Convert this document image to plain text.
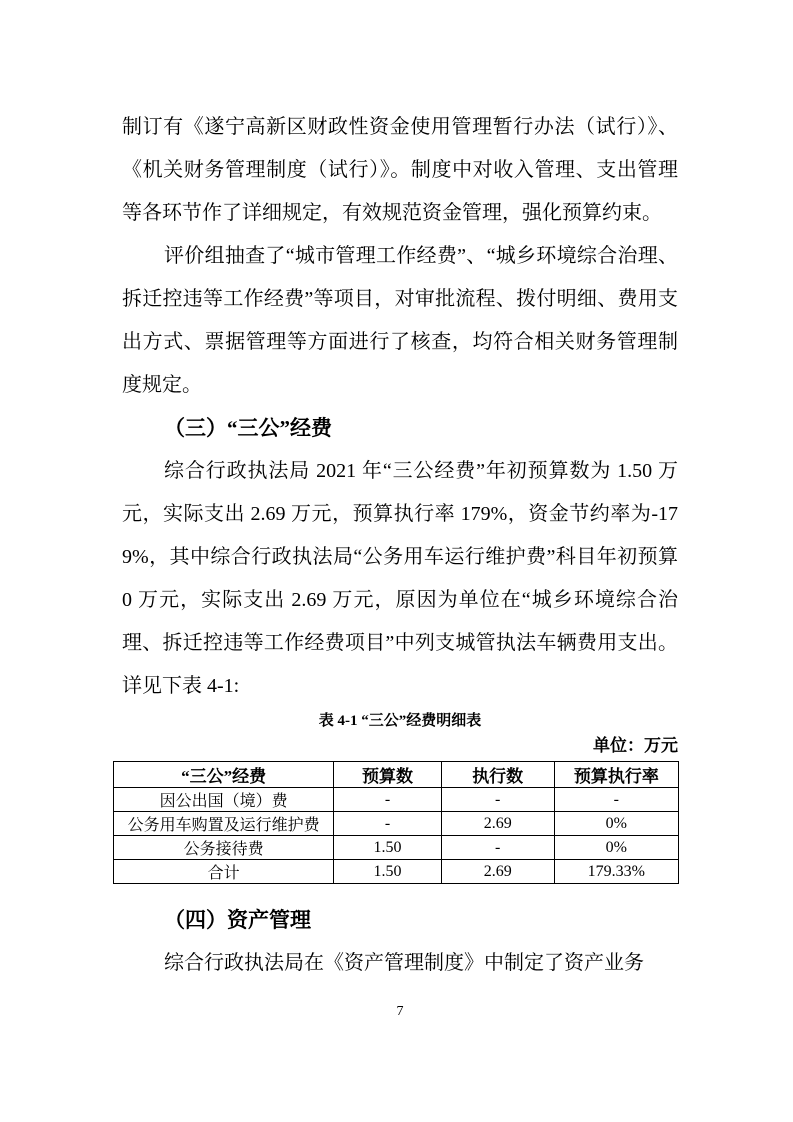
制订有《遂宁高新区财政性资金使用管理暂行办法（试行）》、《机关财务管理制度（试行）》。制度中对收入管理、支出管理等各环节作了详细规定，有效规范资金管理，强化预算约束。

评价组抽查了“城市管理工作经费”、“城乡环境综合治理、拆迁控违等工作经费”等项目，对审批流程、拨付明细、费用支出方式、票据管理等方面进行了核查，均符合相关财务管理制度规定。

（三）“三公”经费

综合行政执法局 2021 年“三公经费”年初预算数为 1.50 万元，实际支出 2.69 万元，预算执行率 179%，资金节约率为-179%，其中综合行政执法局“公务用车运行维护费”科目年初预算 0 万元，实际支出 2.69 万元，原因为单位在“城乡环境综合治理、拆迁控违等工作经费项目”中列支城管执法车辆费用支出。详见下表 4-1:

表 4-1 “三公”经费明细表

单位：万元

“三公”经费	预算数	执行数	预算执行率
因公出国（境）费	-	-	-
公务用车购置及运行维护费	-	2.69	0%
公务接待费	1.50	-	0%
合计	1.50	2.69	179.33%
（四）资产管理

综合行政执法局在《资产管理制度》中制定了资产业务

7
